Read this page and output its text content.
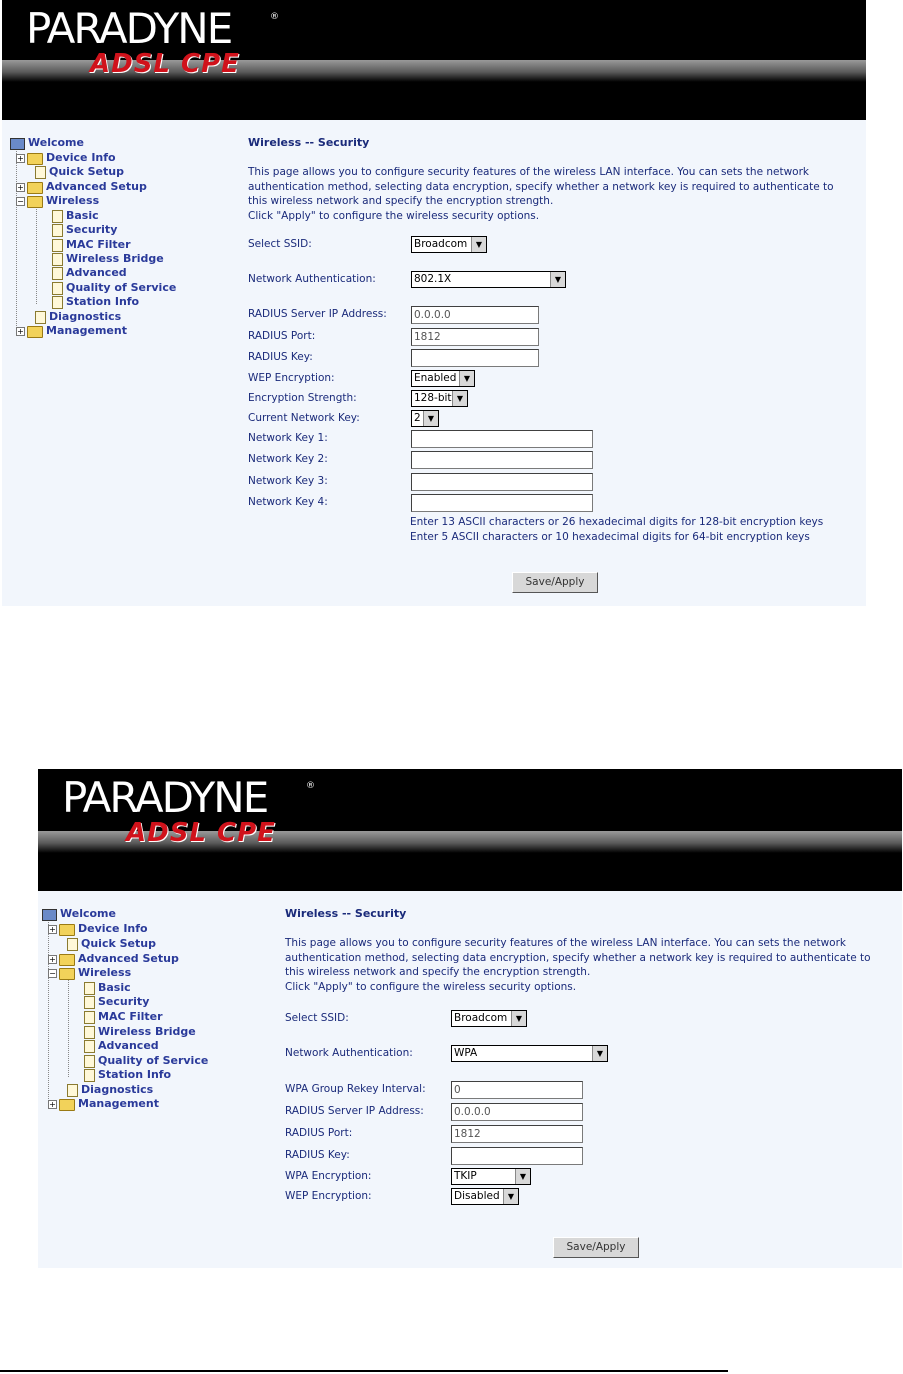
PARADYNE	®
ADSL CPE
Welcome
+ Device Info
Quick Setup
+ Advanced Setup
− Wireless
Basic
Security
MAC Filter
Wireless Bridge
Advanced
Quality of Service
Station Info
Diagnostics
+ Management
Wireless -- Security
This page allows you to configure security features of the wireless LAN interface. You can sets the network authentication method, selecting data encryption, specify whether a network key is required to authenticate to this wireless network and specify the encryption strength.
Click "Apply" to configure the wireless security options.
Select SSID:	Broadcom	▼
Network Authentication:	802.1X	▼
RADIUS Server IP Address:	0.0.0.0
RADIUS Port:	1812
RADIUS Key:
WEP Encryption:	Enabled ▼
Encryption Strength:	128-bit ▼
Current Network Key:	2 ▼
Network Key 1:
Network Key 2:
Network Key 3:
Network Key 4:
Enter 13 ASCII characters or 26 hexadecimal digits for 128-bit encryption keys
Enter 5 ASCII characters or 10 hexadecimal digits for 64-bit encryption keys
Save/Apply
PARADYNE	®
ADSL CPE
Welcome
+ Device Info
Quick Setup
+ Advanced Setup
− Wireless
Basic
Security
MAC Filter
Wireless Bridge
Advanced
Quality of Service
Station Info
Diagnostics
+ Management
Wireless -- Security
This page allows you to configure security features of the wireless LAN interface. You can sets the network authentication method, selecting data encryption, specify whether a network key is required to authenticate to this wireless network and specify the encryption strength.
Click "Apply" to configure the wireless security options.
Select SSID:	Broadcom	▼
Network Authentication:	WPA	▼
WPA Group Rekey Interval:	0
RADIUS Server IP Address:	0.0.0.0
RADIUS Port:	1812
RADIUS Key:
WPA Encryption:	TKIP	▼
WEP Encryption:	Disabled	▼
Save/Apply
